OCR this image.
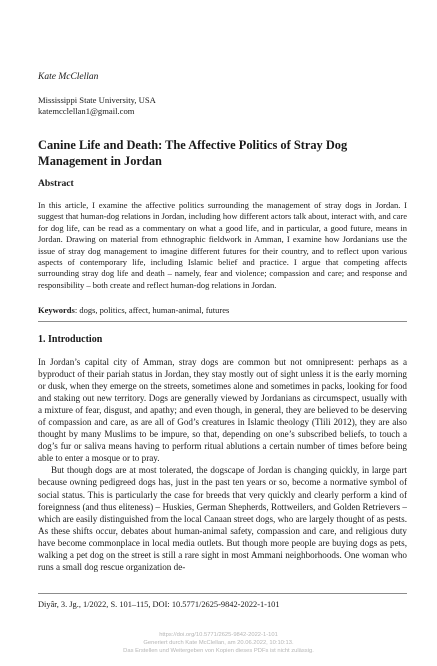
Kate McClellan
Mississippi State University, USA
katemcclellan1@gmail.com
Canine Life and Death: The Affective Politics of Stray Dog Management in Jordan
Abstract
In this article, I examine the affective politics surrounding the management of stray dogs in Jordan. I suggest that human-dog relations in Jordan, including how different actors talk about, interact with, and care for dog life, can be read as a commentary on what a good life, and in particular, a good future, means in Jordan. Drawing on material from ethnographic fieldwork in Amman, I examine how Jordanians use the issue of stray dog management to imagine different futures for their country, and to reflect upon various aspects of contemporary life, including Islamic belief and practice. I argue that competing affects surrounding stray dog life and death – namely, fear and violence; compassion and care; and response and responsibility – both create and reflect human-dog relations in Jordan.
Keywords: dogs, politics, affect, human-animal, futures
1. Introduction

In Jordan’s capital city of Amman, stray dogs are common but not omnipresent: perhaps as a byproduct of their pariah status in Jordan, they stay mostly out of sight unless it is the early morning or dusk, when they emerge on the streets, sometimes alone and sometimes in packs, looking for food and staking out new territory. Dogs are generally viewed by Jordanians as circumspect, usually with a mixture of fear, disgust, and apathy; and even though, in general, they are believed to be deserving of compassion and care, as are all of God’s creatures in Islamic theology (Tlili 2012), they are also thought by many Muslims to be impure, so that, depending on one’s subscribed beliefs, to touch a dog’s fur or saliva means having to perform ritual ablutions a certain number of times before being able to enter a mosque or to pray.

But though dogs are at most tolerated, the dogscape of Jordan is changing quickly, in large part because owning pedigreed dogs has, just in the past ten years or so, become a normative symbol of social status. This is particularly the case for breeds that very quickly and clearly perform a kind of foreignness (and thus eliteness) – Huskies, German Shepherds, Rottweilers, and Golden Retrievers – which are easily distinguished from the local Canaan street dogs, who are largely thought of as pests. As these shifts occur, debates about human-animal safety, compassion and care, and religious duty have become commonplace in local media outlets. But though more people are buying dogs as pets, walking a pet dog on the street is still a rare sight in most Ammani neighborhoods. One woman who runs a small dog rescue organization de-

Diyâr, 3. Jg., 1/2022, S. 101–115, DOI: 10.5771/2625-9842-2022-1-101
https://doi.org/10.5771/2625-9842-2022-1-101
Generiert durch Kate McClellan, am 20.06.2022, 10:10:13.
Das Erstellen und Weitergeben von Kopien dieses PDFs ist nicht zulässig.
